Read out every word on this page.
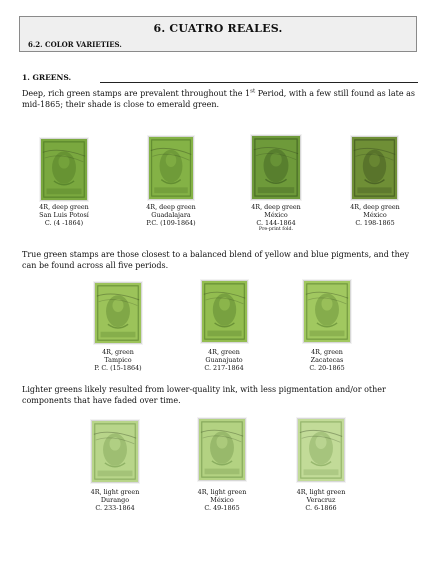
6. CUATRO REALES.
6.2. COLOR VARIETIES.
1. GREENS.
Deep, rich green stamps are prevalent throughout the 1st Period, with a few still found as late as mid-1865; their shade is close to emerald green.
True green stamps are those closest to a balanced blend of yellow and blue pigments, and they can be found across all five periods.
Lighter greens likely resulted from lower-quality ink, with less pigmentation and/or other components that have faded over time.
4R, deep green
San Luis Potosí
C. (4 -1864)
4R, deep green
Guadalajara
P.C. (109-1864)
4R, deep green
México
C. 144-1864
Pre-print fold.
4R, deep green
México
C. 198-1865
4R, green
Tampico
P. C. (15-1864)
4R, green
Guanajuato
C. 217-1864
4R, green
Zacatecas
C. 20-1865
4R, light green
Durango
C. 233-1864
4R, light green
México
C. 49-1865
4R, light green
Veracruz
C. 6-1866
